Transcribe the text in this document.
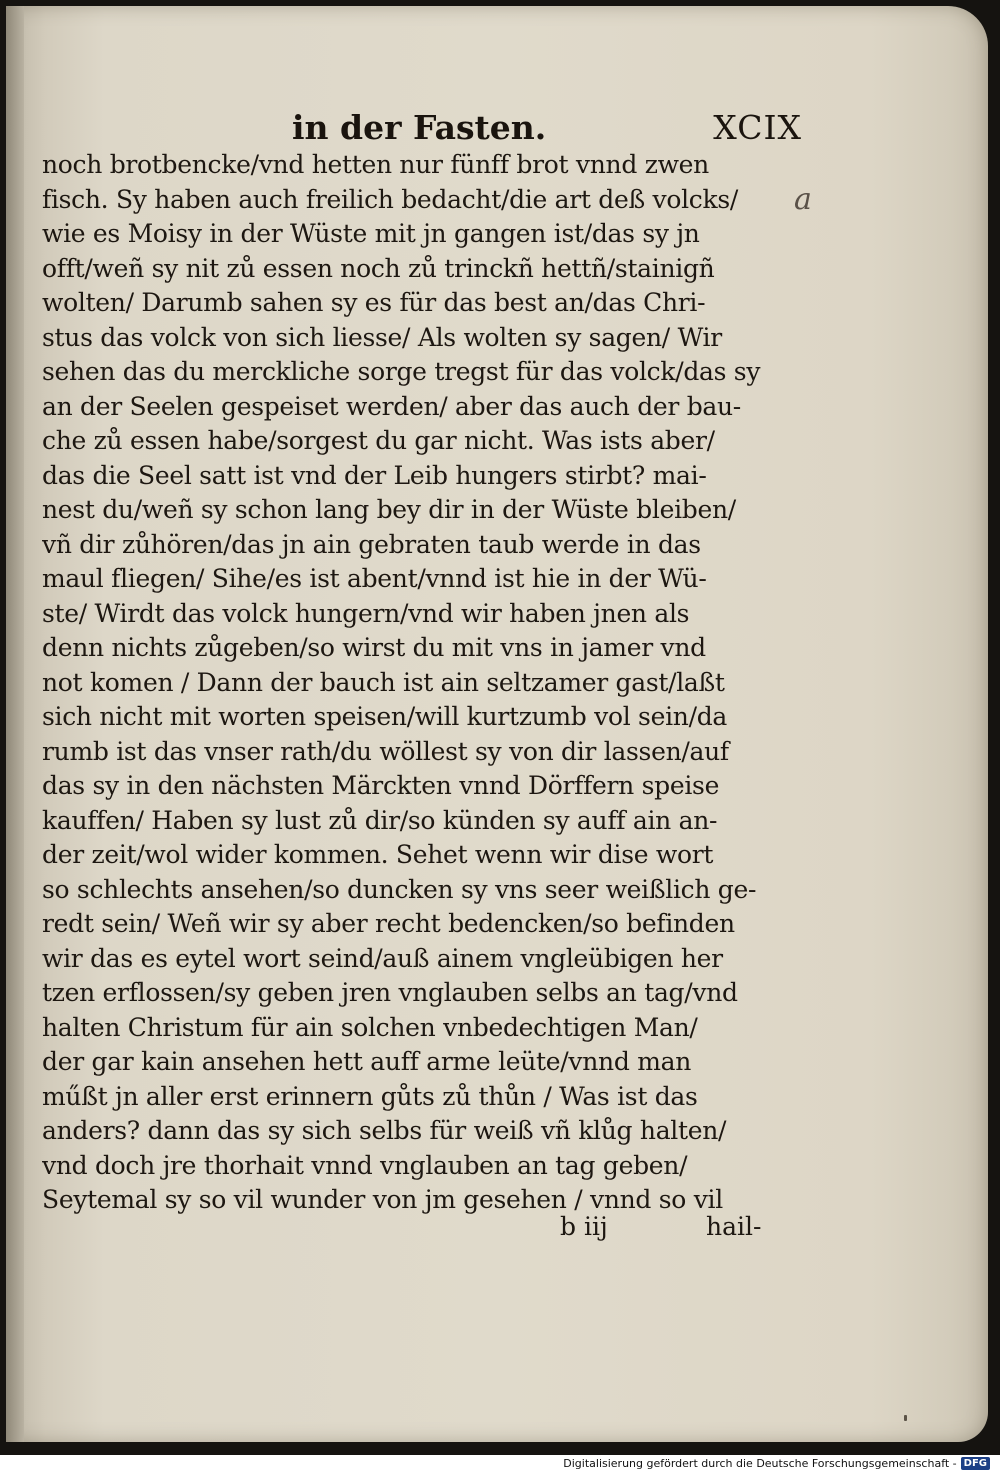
in der Fasten.	XCIX
a
noch brotbencke/vnd hetten nur fünff brot vnnd zwen
fisch. Sy haben auch freilich bedacht/die art deß volcks/
wie es Moisy in der Wüste mit jn gangen ist/das sy jn
offt/weñ sy nit zů essen noch zů trinckñ hettñ/stainigñ
wolten/ Darumb sahen sy es für das best an/das Chri-
stus das volck von sich liesse/ Als wolten sy sagen/ Wir
sehen das du merckliche sorge tregst für das volck/das sy
an der Seelen gespeiset werden/ aber das auch der bau-
che zů essen habe/sorgest du gar nicht. Was ists aber/
das die Seel satt ist vnd der Leib hungers stirbt? mai-
nest du/weñ sy schon lang bey dir in der Wüste bleiben/
vñ dir zůhören/das jn ain gebraten taub werde in das
maul fliegen/ Sihe/es ist abent/vnnd ist hie in der Wü-
ste/ Wirdt das volck hungern/vnd wir haben jnen als
denn nichts zůgeben/so wirst du mit vns in jamer vnd
not komen / Dann der bauch ist ain seltzamer gast/laßt
sich nicht mit worten speisen/will kurtzumb vol sein/da
rumb ist das vnser rath/du wöllest sy von dir lassen/auf
das sy in den nächsten Märckten vnnd Dörffern speise
kauffen/ Haben sy lust zů dir/so künden sy auff ain an-
der zeit/wol wider kommen. Sehet wenn wir dise wort
so schlechts ansehen/so duncken sy vns seer weißlich ge-
redt sein/ Weñ wir sy aber recht bedencken/so befinden
wir das es eytel wort seind/auß ainem vngleübigen her
tzen erflossen/sy geben jren vnglauben selbs an tag/vnd
halten Christum für ain solchen vnbedechtigen Man/
der gar kain ansehen hett auff arme leüte/vnnd man
műßt jn aller erst erinnern gůts zů thůn / Was ist das
anders? dann das sy sich selbs für weiß vñ klůg halten/
vnd doch jre thorhait vnnd vnglauben an tag geben/
Seytemal sy so vil wunder von jm gesehen / vnnd so vil
b iij	hail-
Digitalisierung gefördert durch die Deutsche Forschungsgemeinschaft - DFG
